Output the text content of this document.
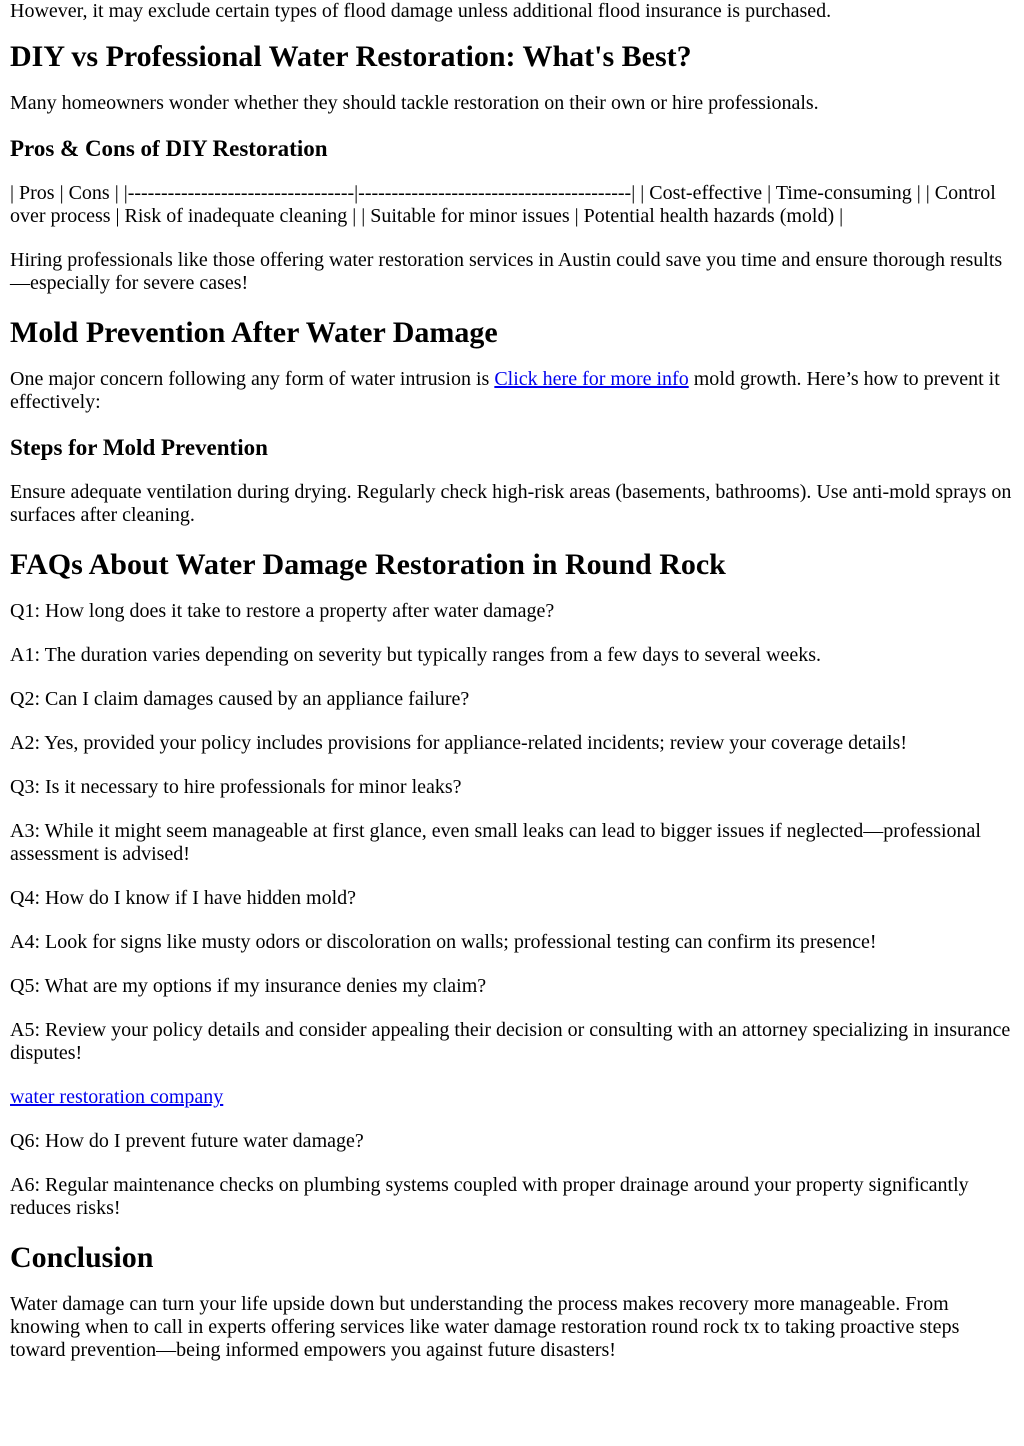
However, it may exclude certain types of flood damage unless additional flood insurance is purchased.

DIY vs Professional Water Restoration: What's Best?

Many homeowners wonder whether they should tackle restoration on their own or hire professionals.

Pros & Cons of DIY Restoration

| Pros | Cons | |----------------------------------|-----------------------------------------| | Cost-effective | Time-consuming | | Control over process | Risk of inadequate cleaning | | Suitable for minor issues | Potential health hazards (mold) |

Hiring professionals like those offering water restoration services in Austin could save you time and ensure thorough results—especially for severe cases!

Mold Prevention After Water Damage

One major concern following any form of water intrusion is Click here for more info mold growth. Here’s how to prevent it effectively:

Steps for Mold Prevention

Ensure adequate ventilation during drying. Regularly check high-risk areas (basements, bathrooms). Use anti-mold sprays on surfaces after cleaning.

FAQs About Water Damage Restoration in Round Rock

Q1: How long does it take to restore a property after water damage?

A1: The duration varies depending on severity but typically ranges from a few days to several weeks.

Q2: Can I claim damages caused by an appliance failure?

A2: Yes, provided your policy includes provisions for appliance-related incidents; review your coverage details!

Q3: Is it necessary to hire professionals for minor leaks?

A3: While it might seem manageable at first glance, even small leaks can lead to bigger issues if neglected—professional assessment is advised!

Q4: How do I know if I have hidden mold?

A4: Look for signs like musty odors or discoloration on walls; professional testing can confirm its presence!

Q5: What are my options if my insurance denies my claim?

A5: Review your policy details and consider appealing their decision or consulting with an attorney specializing in insurance disputes!

water restoration company

Q6: How do I prevent future water damage?

A6: Regular maintenance checks on plumbing systems coupled with proper drainage around your property significantly reduces risks!

Conclusion

Water damage can turn your life upside down but understanding the process makes recovery more manageable. From knowing when to call in experts offering services like water damage restoration round rock tx to taking proactive steps toward prevention—being informed empowers you against future disasters!
